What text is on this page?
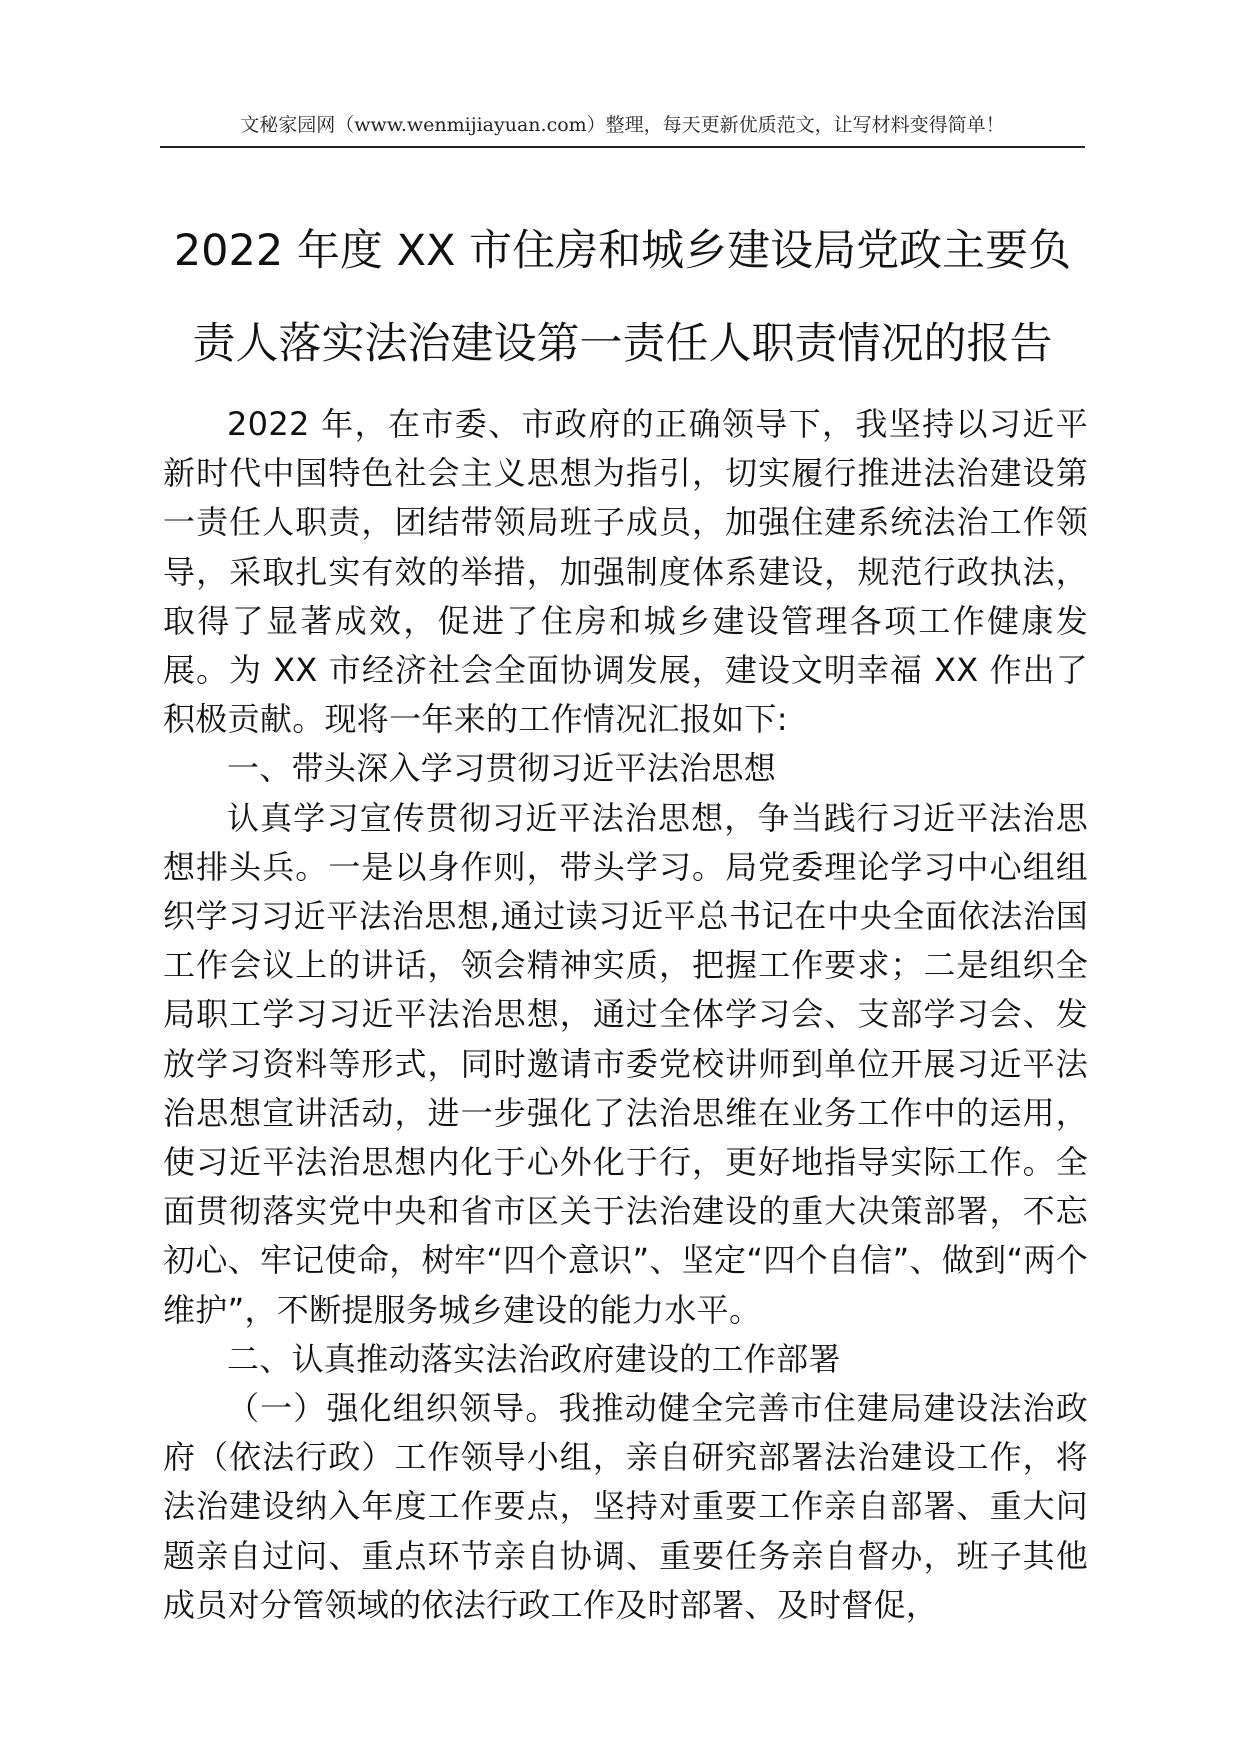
文秘家园网（www.wenmijiayuan.com）整理，每天更新优质范文，让写材料变得简单！
2022 年度 XX 市住房和城乡建设局党政主要负
责人落实法治建设第一责任人职责情况的报告

2022 年，在市委、市政府的正确领导下，我坚持以习近平新时代中国特色社会主义思想为指引，切实履行推进法治建设第一责任人职责，团结带领局班子成员，加强住建系统法治工作领导，采取扎实有效的举措，加强制度体系建设，规范行政执法，取得了显著成效，促进了住房和城乡建设管理各项工作健康发展。为 XX 市经济社会全面协调发展，建设文明幸福 XX 作出了积极贡献。现将一年来的工作情况汇报如下:

一、带头深入学习贯彻习近平法治思想

认真学习宣传贯彻习近平法治思想，争当践行习近平法治思想排头兵。一是以身作则，带头学习。局党委理论学习中心组组织学习习近平法治思想,通过读习近平总书记在中央全面依法治国工作会议上的讲话，领会精神实质，把握工作要求；二是组织全局职工学习习近平法治思想，通过全体学习会、支部学习会、发放学习资料等形式，同时邀请市委党校讲师到单位开展习近平法治思想宣讲活动，进一步强化了法治思维在业务工作中的运用，使习近平法治思想内化于心外化于行，更好地指导实际工作。全面贯彻落实党中央和省市区关于法治建设的重大决策部署，不忘初心、牢记使命，树牢“四个意识”、坚定“四个自信”、做到“两个维护”，不断提服务城乡建设的能力水平。

二、认真推动落实法治政府建设的工作部署

（一）强化组织领导。我推动健全完善市住建局建设法治政府（依法行政）工作领导小组，亲自研究部署法治建设工作，将法治建设纳入年度工作要点，坚持对重要工作亲自部署、重大问题亲自过问、重点环节亲自协调、重要任务亲自督办，班子其他成员对分管领域的依法行政工作及时部署、及时督促，
